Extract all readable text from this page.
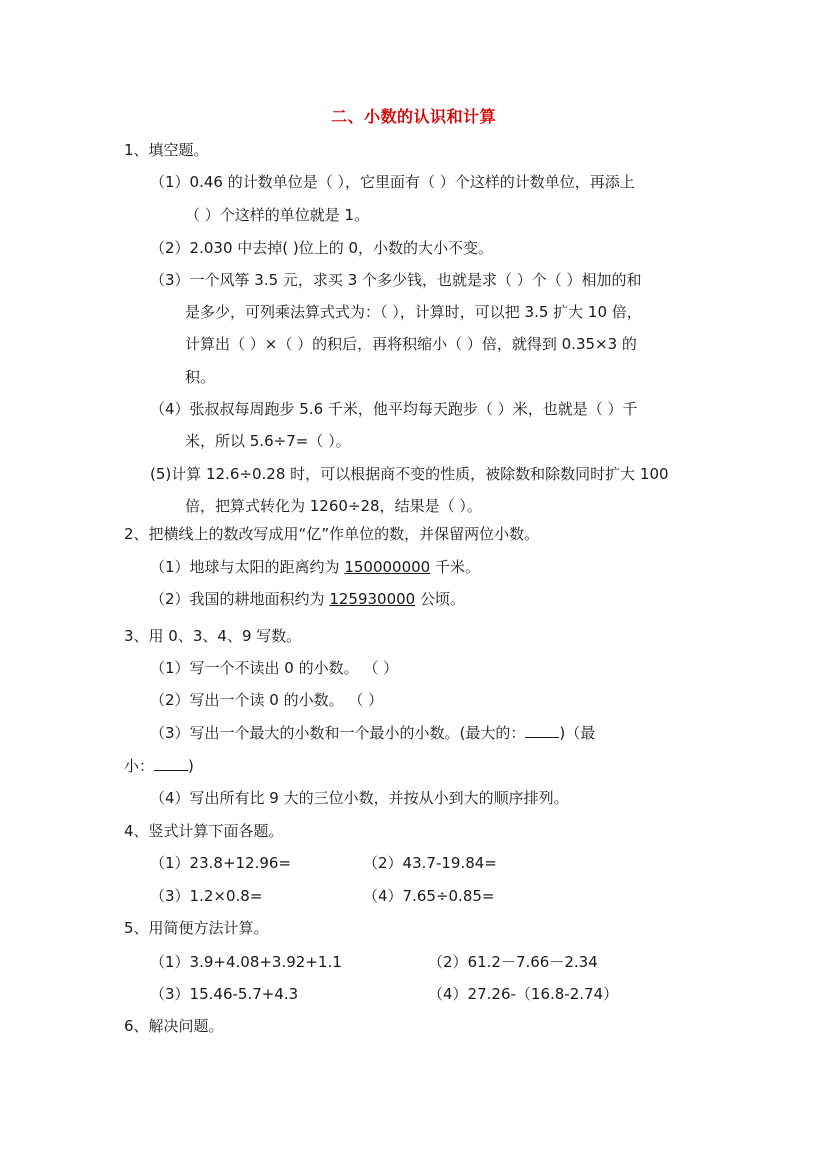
二、小数的认识和计算
1、填空题。
（1）0.46 的计数单位是（ ），它里面有（ ）个这样的计数单位，再添上
（ ）个这样的单位就是 1。
（2）2.030 中去掉( )位上的 0，小数的大小不变。
（3）一个风筝 3.5 元，求买 3 个多少钱，也就是求（ ）个（ ）相加的和
是多少，可列乘法算式式为：（ ），计算时，可以把 3.5 扩大 10 倍，
计算出（ ）×（ ）的积后，再将积缩小（ ）倍，就得到 0.35×3 的
积。
（4）张叔叔每周跑步 5.6 千米，他平均每天跑步（ ）米，也就是（ ）千
米，所以 5.6÷7=（ ）。
(5)计算 12.6÷0.28 时，可以根据商不变的性质，被除数和除数同时扩大 100
倍，把算式转化为 1260÷28，结果是（ ）。
2、把横线上的数改写成用“亿”作单位的数，并保留两位小数。
（1）地球与太阳的距离约为 150000000 千米。
（2）我国的耕地面积约为 125930000 公顷。
3、用 0、3、4、9 写数。
（1）写一个不读出 0 的小数。 （ ）
（2）写出一个读 0 的小数。 （ ）
（3）写出一个最大的小数和一个最小的小数。(最大的： )（最
小： )
（4）写出所有比 9 大的三位小数，并按从小到大的顺序排列。
4、竖式计算下面各题。
（1）23.8+12.96=	（2）43.7-19.84=
（3）1.2×0.8=	（4）7.65÷0.85=
5、用简便方法计算。
（1）3.9+4.08+3.92+1.1	（2）61.2－7.66－2.34
（3）15.46-5.7+4.3	（4）27.26-（16.8-2.74）
6、解决问题。
